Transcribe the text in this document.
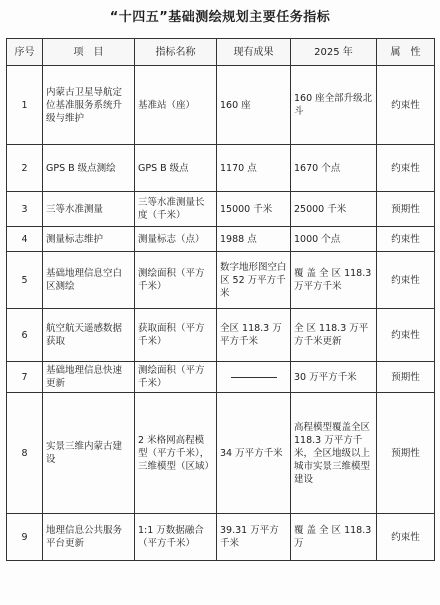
“十四五”基础测绘规划主要任务指标
序号	项　目	指标名称	现有成果	2025 年	属　性
1	内蒙古卫星导航定位基准服务系统升级与维护	基准站（座）	160 座	160 座全部升级北斗	约束性
2	GPS B 级点测绘	GPS B 级点	1170 点	1670 个点	约束性
3	三等水准测量	三等水准测量长度（千米）	15000 千米	25000 千米	预期性
4	测量标志维护	测量标志（点）	1988 点	1000 个点	约束性
5	基础地理信息空白区测绘	测绘面积（平方千米）	数字地形图空白区 52 万平方千米	覆 盖 全 区 118.3 万平方千米	约束性
6	航空航天遥感数据获取	获取面积（平方千米）	全区 118.3 万平方千米	全 区 118.3 万平方千米更新	约束性
7	基础地理信息快速更新	测绘面积（平方千米）		30 万平方千米	预期性
8	实景三维内蒙古建设	2 米格网高程模型（平方千米），三维模型（区域）	34 万平方千米	高程模型覆盖全区 118.3 万平方千米，全区地级以上城市实景三维模型建设	预期性
9	地理信息公共服务平台更新	1:1 万数据融合（平方千米）	39.31 万平方千米	覆 盖 全 区 118.3 万	约束性
